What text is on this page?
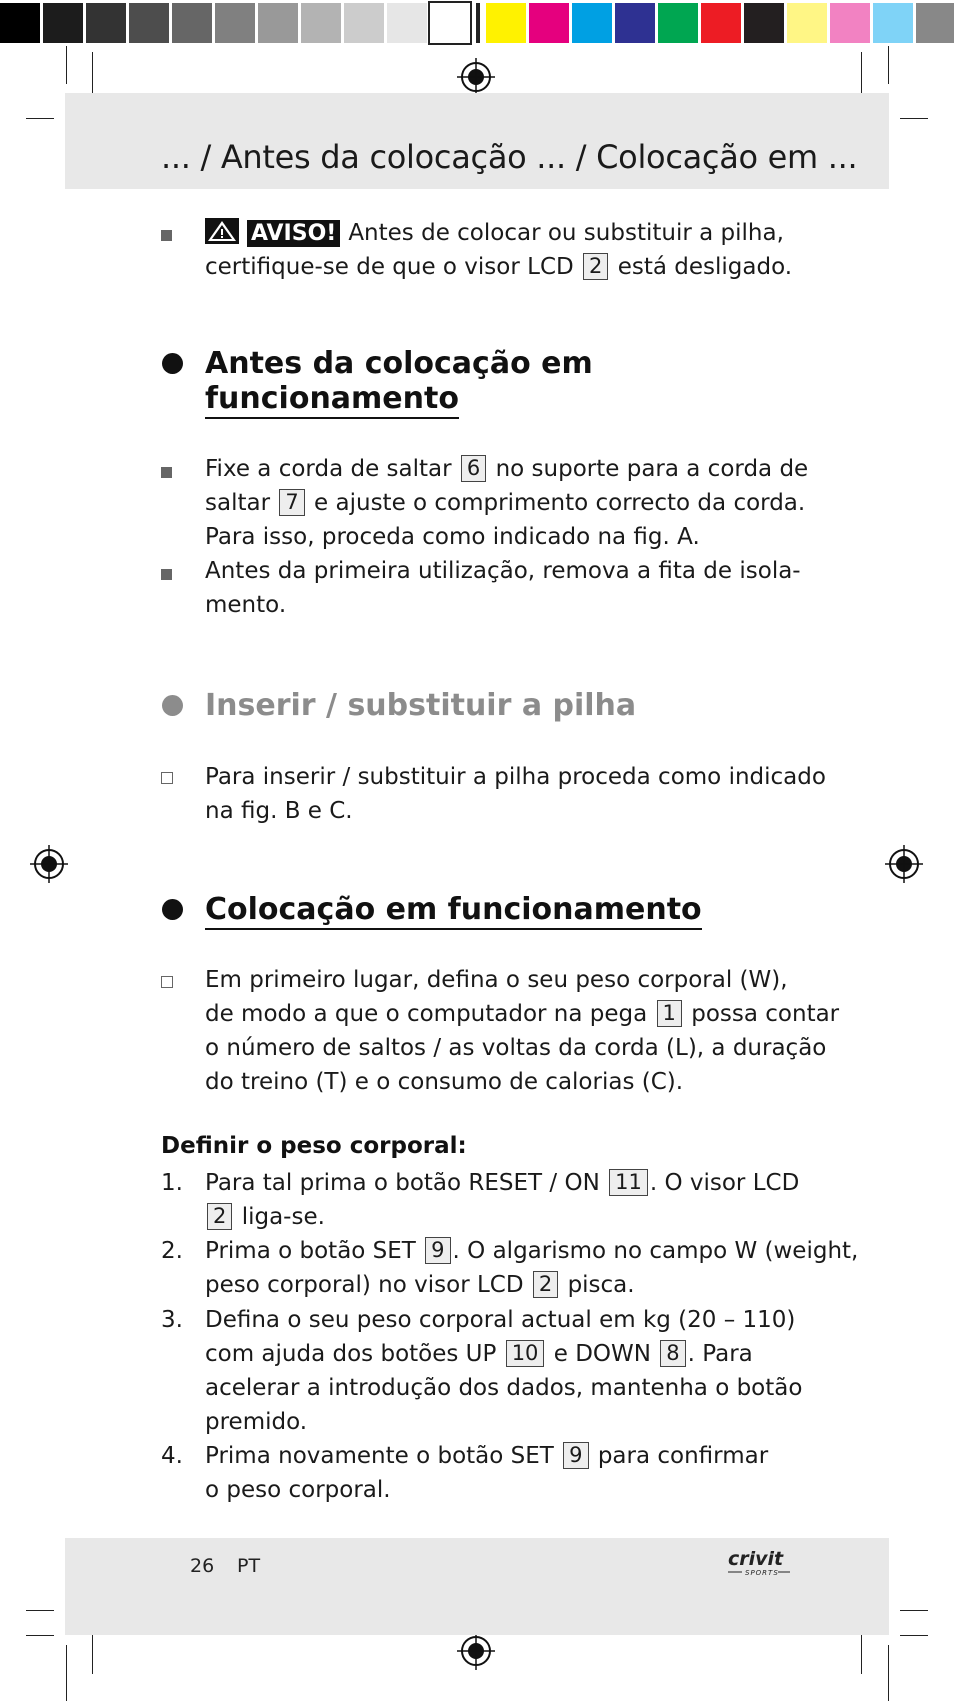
... / Antes da colocação ... / Colocação em ...
AVISO! Antes de colocar ou substituir a pilha,
certifique-se de que o visor LCD 2 está desligado.
Antes da colocação em
funcionamento
Fixe a corda de saltar 6 no suporte para a corda de
saltar 7 e ajuste o comprimento correcto da corda.
Para isso, proceda como indicado na fig. A.
Antes da primeira utilização, remova a fita de isola-
mento.
Inserir / substituir a pilha
Para inserir / substituir a pilha proceda como indicado
na fig. B e C.
Colocação em funcionamento
Em primeiro lugar, defina o seu peso corporal (W),
de modo a que o computador na pega 1 possa contar
o número de saltos / as voltas da corda (L), a duração
do treino (T) e o consumo de calorias (C).
Definir o peso corporal:
1. Para tal prima o botão RESET / ON 11 . O visor LCD
2 liga-se.
2. Prima o botão SET 9 . O algarismo no campo W (weight,
peso corporal) no visor LCD 2 pisca.
3. Defina o seu peso corporal actual em kg (20 – 110)
com ajuda dos botões UP 10 e DOWN 8 . Para
acelerar a introdução dos dados, mantenha o botão
premido.
4. Prima novamente o botão SET 9 para confirmar
o peso corporal.
26 PT	crivit
SPORTS
